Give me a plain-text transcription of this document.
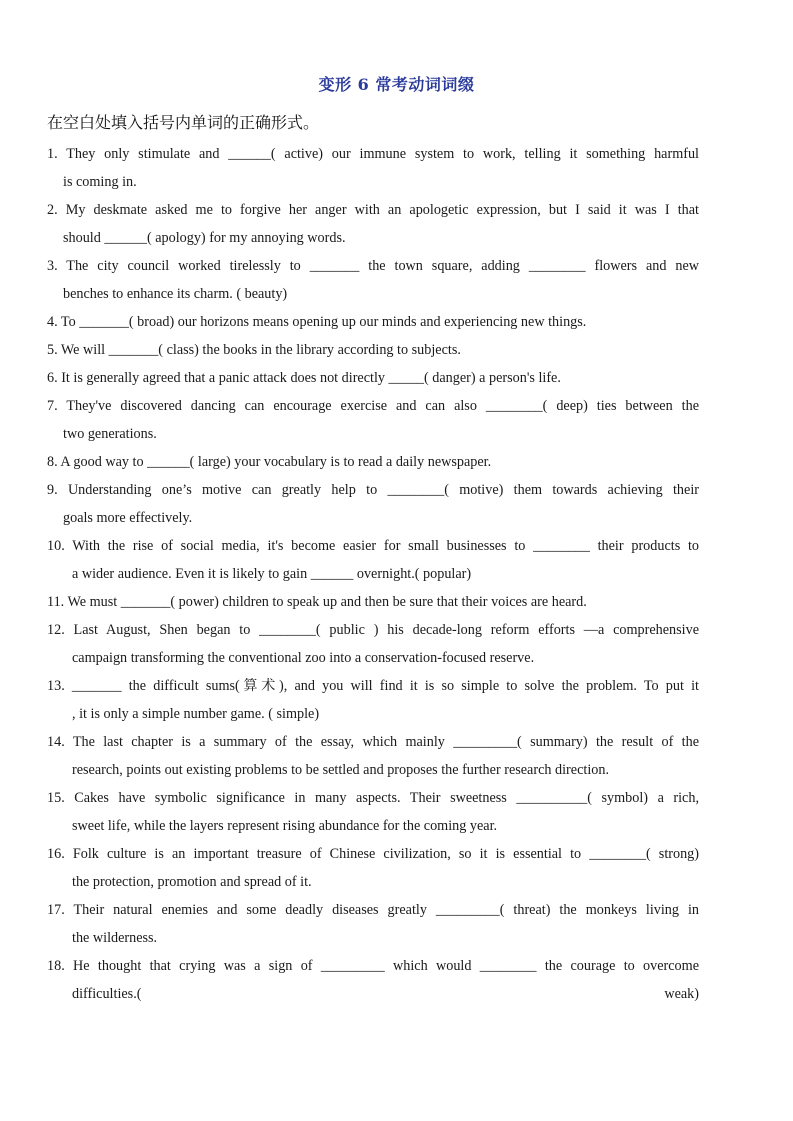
变形 6 常考动词词缀
在空白处填入括号内单词的正确形式。

1. They only stimulate and ______( active) our immune system to work, telling it something harmful
is coming in.

2. My deskmate asked me to forgive her anger with an apologetic expression, but I said it was I that
should ______( apology) for my annoying words.

3. The city council worked tirelessly to _______ the town square, adding ________ flowers and new
benches to enhance its charm. ( beauty)

4. To _______( broad) our horizons means opening up our minds and experiencing new things.

5. We will _______( class) the books in the library according to subjects.

6. It is generally agreed that a panic attack does not directly _____( danger) a person's life.

7. They've discovered dancing can encourage exercise and can also ________( deep) ties between the
two generations.

8. A good way to ______( large) your vocabulary is to read a daily newspaper.

9. Understanding one’s motive can greatly help to ________( motive) them towards achieving their
goals more effectively.

10. With the rise of social media, it's become easier for small businesses to ________ their products to
a wider audience. Even it is likely to gain ______ overnight.( popular)

11. We must _______( power) children to speak up and then be sure that their voices are heard.

12. Last August, Shen began to ________( public ) his decade-long reform efforts —a comprehensive
campaign transforming the conventional zoo into a conservation-focused reserve.

13. _______ the difficult sums(算术), and you will find it is so simple to solve the problem. To put it
, it is only a simple number game. ( simple)

14. The last chapter is a summary of the essay, which mainly _________( summary) the result of the
research, points out existing problems to be settled and proposes the further research direction.

15. Cakes have symbolic significance in many aspects. Their sweetness __________( symbol) a rich,
sweet life, while the layers represent rising abundance for the coming year.

16. Folk culture is an important treasure of Chinese civilization, so it is essential to ________( strong)
the protection, promotion and spread of it.

17. Their natural enemies and some deadly diseases greatly _________( threat) the monkeys living in
the wilderness.

18. He thought that crying was a sign of _________ which would ________ the courage to overcome
difficulties.(	weak)
